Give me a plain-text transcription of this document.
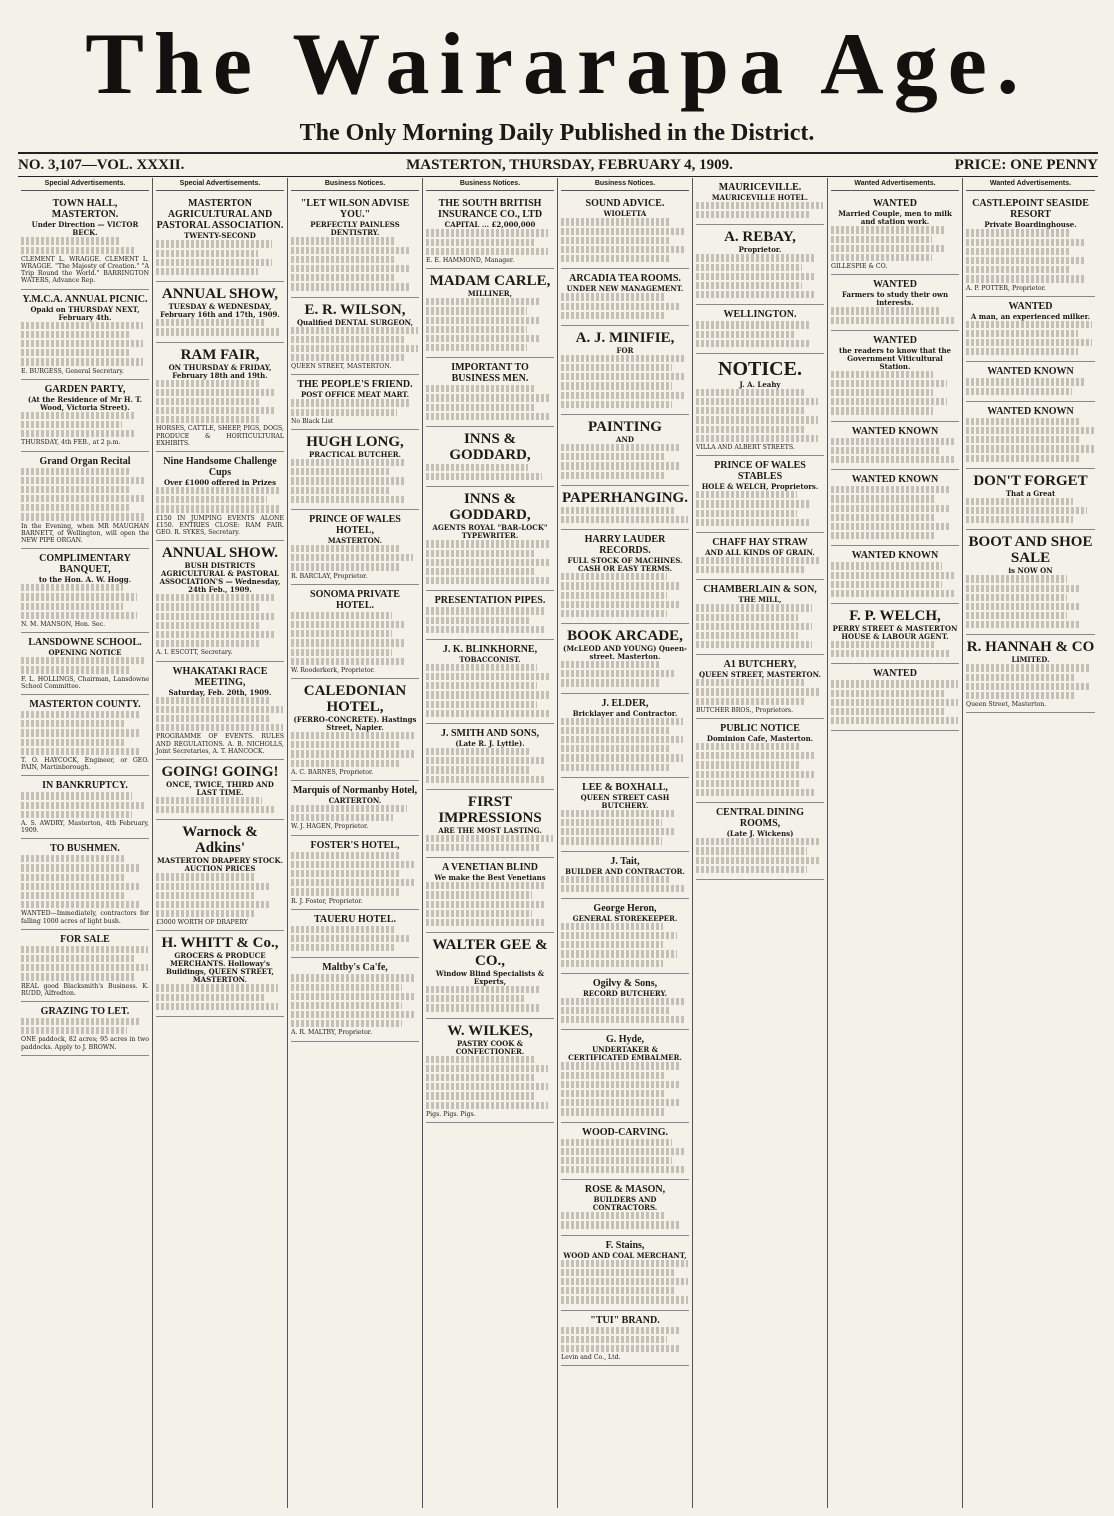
The Wairarapa Age.
The Only Morning Daily Published in the District.
NO. 3,107—VOL. XXXII.	MASTERTON, THURSDAY, FEBRUARY 4, 1909.	PRICE: ONE PENNY
Special Advertisements.
TOWN HALL, MASTERTON.
Under Direction — VICTOR BECK.
CLEMENT L. WRAGGE. CLEMENT L. WRAGGE. "The Majesty of Creation." "A Trip Round the World." BARRINGTON WATERS, Advance Rep.
Y.M.C.A. ANNUAL PICNIC.
Opaki on THURSDAY NEXT, February 4th.
E. BURGESS, General Secretary.
GARDEN PARTY,
(At the Residence of Mr H. T. Wood, Victoria Street).
THURSDAY, 4th FEB., at 2 p.m.
Grand Organ Recital
In the Evening, when MR MAUGHAN BARNETT, of Wellington, will open the NEW PIPE ORGAN.
COMPLIMENTARY BANQUET,
to the Hon. A. W. Hogg.
N. M. MANSON, Hon. Sec.
LANSDOWNE SCHOOL.
OPENING NOTICE
F. L. HOLLINGS, Chairman, Lansdowne School Committee.
MASTERTON COUNTY.
T. O. HAYCOCK, Engineer, or GEO. PAIN, Martinborough.
IN BANKRUPTCY.
A. S. AWDRY, Masterton, 4th February, 1909.
TO BUSHMEN.
WANTED—Immediately, contractors for falling 1000 acres of light bush.
FOR SALE
REAL good Blacksmith's Business. K. RUDD, Alfredton.
GRAZING TO LET.
ONE paddock, 82 acres; 95 acres in two paddocks. Apply to J. BROWN.
Special Advertisements.
MASTERTON AGRICULTURAL AND PASTORAL ASSOCIATION.
TWENTY-SECOND
ANNUAL SHOW,
TUESDAY & WEDNESDAY, February 16th and 17th, 1909.
RAM FAIR,
ON THURSDAY & FRIDAY, February 18th and 19th.
HORSES, CATTLE, SHEEP, PIGS, DOGS, PRODUCE & HORTICULTURAL EXHIBITS.
Nine Handsome Challenge Cups
Over £1000 offered in Prizes
£150 IN JUMPING EVENTS ALONE £150. ENTRIES CLOSE: RAM FAIR. GEO. R. SYKES, Secretary.
ANNUAL SHOW.
BUSH DISTRICTS AGRICULTURAL & PASTORAL ASSOCIATION'S — Wednesday, 24th Feb., 1909.
A. I. ESCOTT, Secretary.
WHAKATAKI RACE MEETING,
Saturday, Feb. 20th, 1909.
PROGRAMME OF EVENTS. RULES AND REGULATIONS. A. B. NICHOLLS, Joint Secretaries, A. T. HANCOCK.
GOING! GOING!
ONCE, TWICE, THIRD AND LAST TIME.
Warnock & Adkins'
MASTERTON DRAPERY STOCK. AUCTION PRICES
£3000 WORTH OF DRAPERY
H. WHITT & Co.,
GROCERS & PRODUCE MERCHANTS. Holloway's Buildings, QUEEN STREET, MASTERTON.
Business Notices.
"LET WILSON ADVISE YOU."
PERFECTLY PAINLESS DENTISTRY.
E. R. WILSON,
Qualified DENTAL SURGEON,
QUEEN STREET, MASTERTON.
THE PEOPLE'S FRIEND.
POST OFFICE MEAT MART.
No Black List
HUGH LONG,
PRACTICAL BUTCHER.
PRINCE OF WALES HOTEL,
MASTERTON.
R. BARCLAY, Proprietor.
SONOMA PRIVATE HOTEL.
W. Rooderkerk, Proprietor.
CALEDONIAN HOTEL,
(FERRO-CONCRETE). Hastings Street, Napier.
A. C. BARNES, Proprietor.
Marquis of Normanby Hotel,
CARTERTON.
W. J. HAGEN, Proprietor.
FOSTER'S HOTEL,
R. J. Foster, Proprietor.
TAUERU HOTEL.
Maltby's Ca'fe,
A. R. MALTBY, Proprietor.
Business Notices.
THE SOUTH BRITISH INSURANCE CO., LTD
CAPITAL ... £2,000,000
E. E. HAMMOND, Manager.
MADAM CARLE,
MILLINER,
IMPORTANT TO BUSINESS MEN.
INNS & GODDARD,
INNS & GODDARD,
AGENTS ROYAL "BAR-LOCK" TYPEWRITER.
PRESENTATION PIPES.
J. K. BLINKHORNE,
TOBACCONIST.
J. SMITH AND SONS,
(Late R. J. Lyttle).
FIRST IMPRESSIONS
ARE THE MOST LASTING.
A VENETIAN BLIND
We make the Best Venetians
WALTER GEE & CO.,
Window Blind Specialists & Experts,
W. WILKES,
PASTRY COOK & CONFECTIONER.
Pigs. Pigs. Pigs.
Business Notices.
SOUND ADVICE.
WIOLETTA
ARCADIA TEA ROOMS.
UNDER NEW MANAGEMENT.
A. J. MINIFIE,
FOR
PAINTING
AND
PAPERHANGING.
HARRY LAUDER RECORDS.
FULL STOCK OF MACHINES. CASH OR EASY TERMS.
BOOK ARCADE,
(McLEOD AND YOUNG) Queen-street. Masterton.
J. ELDER,
Bricklayer and Contractor.
LEE & BOXHALL,
QUEEN STREET CASH BUTCHERY.
J. Tait,
BUILDER AND CONTRACTOR.
George Heron,
GENERAL STOREKEEPER.
Ogilvy & Sons,
RECORD BUTCHERY.
G. Hyde,
UNDERTAKER & CERTIFICATED EMBALMER.
WOOD-CARVING.
ROSE & MASON,
BUILDERS AND CONTRACTORS.
F. Stains,
WOOD AND COAL MERCHANT,
"TUI" BRAND.
Levin and Co., Ltd.
MAURICEVILLE.
MAURICEVILLE HOTEL.
A. REBAY,
Proprietor.
WELLINGTON.
NOTICE.
J. A. Leahy
VILLA AND ALBERT STREETS.
PRINCE OF WALES STABLES
HOLE & WELCH, Proprietors.
CHAFF HAY STRAW
AND ALL KINDS OF GRAIN.
CHAMBERLAIN & SON,
THE MILL,
A1 BUTCHERY,
QUEEN STREET, MASTERTON.
BUTCHER BROS., Proprietors.
PUBLIC NOTICE
Dominion Cafe, Masterton.
CENTRAL DINING ROOMS,
(Late J. Wickens)
Wanted Advertisements.
WANTED
Married Couple, men to milk and station work.
GILLESPIE & CO.
WANTED
Farmers to study their own interests.
WANTED
the readers to know that the Government Viticultural Station.
WANTED KNOWN
WANTED KNOWN
WANTED KNOWN
F. P. WELCH,
PERRY STREET & MASTERTON HOUSE & LABOUR AGENT.
WANTED
Wanted Advertisements.
CASTLEPOINT SEASIDE RESORT
Private Boardinghouse.
A. P. POTTER, Proprietor.
WANTED
A man, an experienced milker.
WANTED KNOWN
WANTED KNOWN
DON'T FORGET
That a Great
BOOT AND SHOE SALE
is NOW ON
R. HANNAH & CO
LIMITED.
Queen Street, Masterton.
